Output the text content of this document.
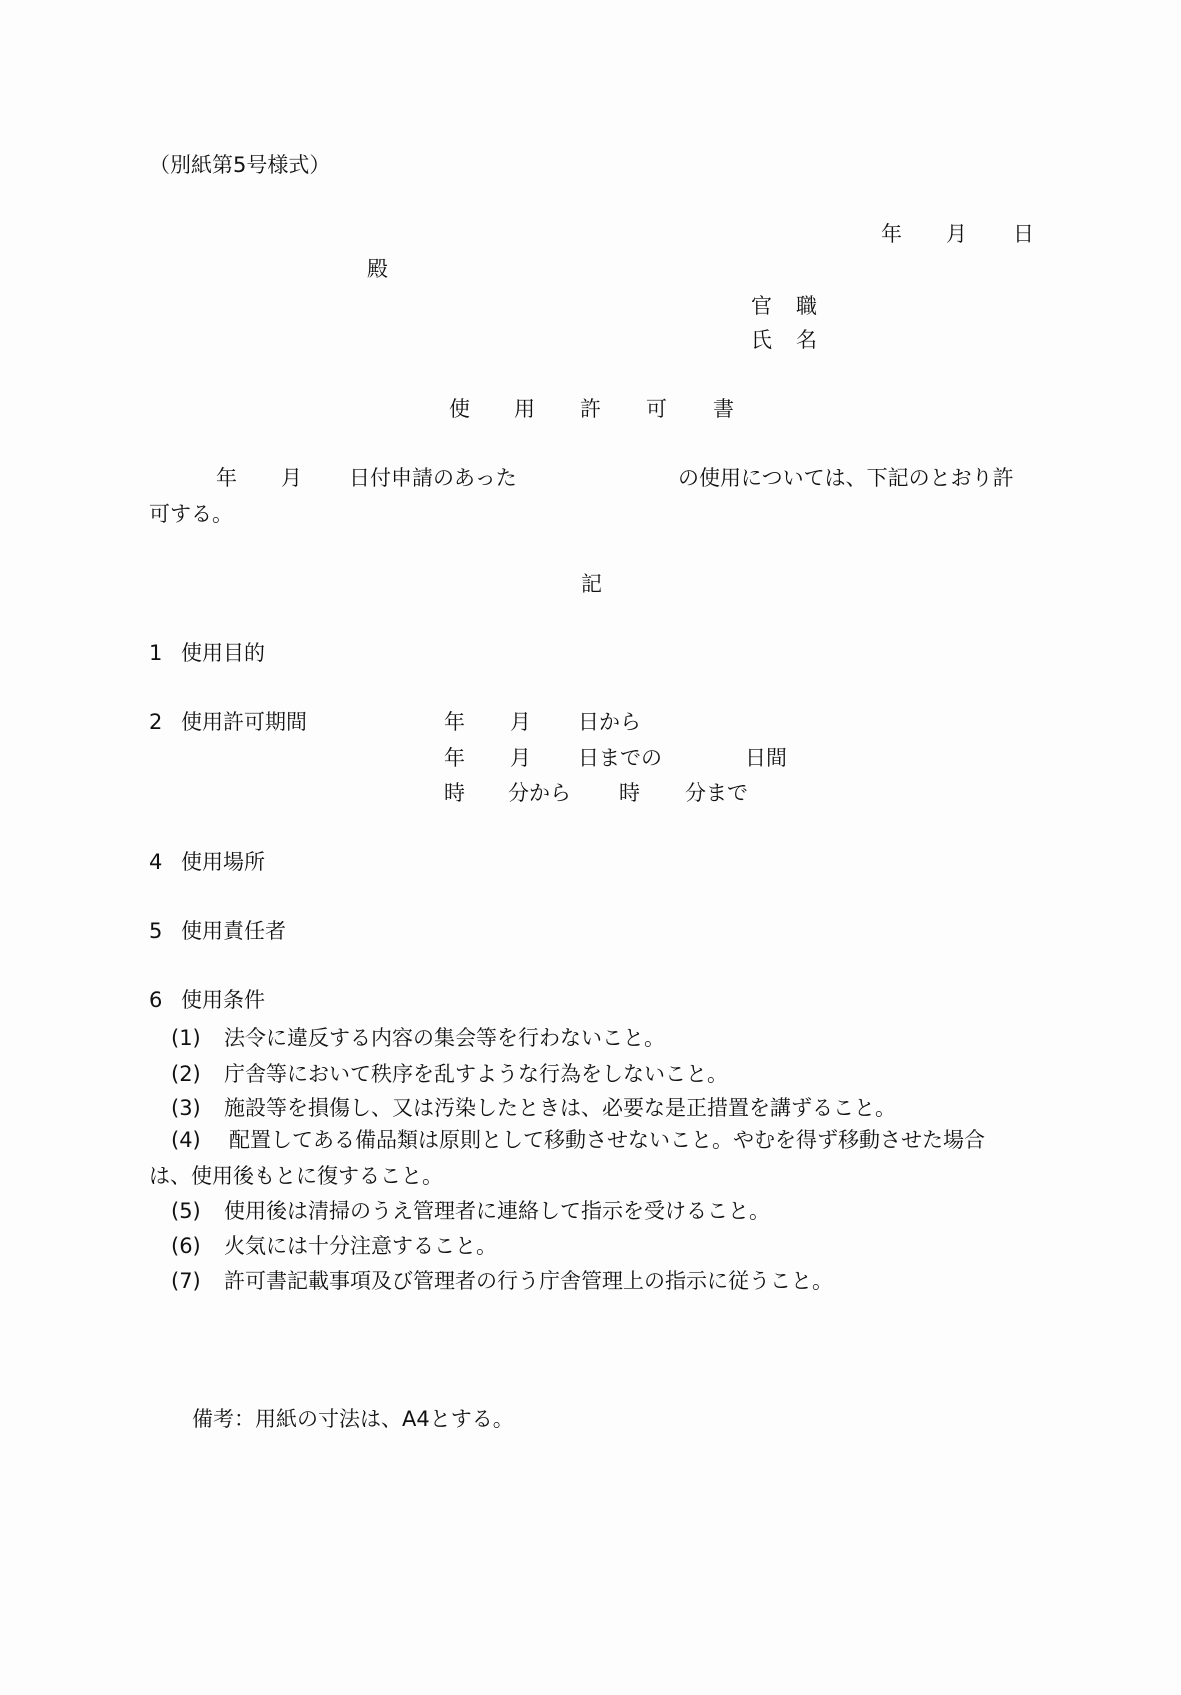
（別紙第5号様式）
年 月 日
殿
官 職
氏 名
使 用 許 可 書
年 月 日付申請のあった	の使用については、下記のとおり許
可する。
記
1 使用目的
2 使用許可期間	年 月 日から
年 月 日までの	日間
時 分から 時 分まで
4 使用場所
5 使用責任者
6 使用条件
(1) 法令に違反する内容の集会等を行わないこと。
(2) 庁舎等において秩序を乱すような行為をしないこと。
(3) 施設等を損傷し、又は汚染したときは、必要な是正措置を講ずること。
(4) 配置してある備品類は原則として移動させないこと。やむを得ず移動させた場合
は、使用後もとに復すること。
(5) 使用後は清掃のうえ管理者に連絡して指示を受けること。
(6) 火気には十分注意すること。
(7) 許可書記載事項及び管理者の行う庁舎管理上の指示に従うこと。
備考：用紙の寸法は、A4とする。
